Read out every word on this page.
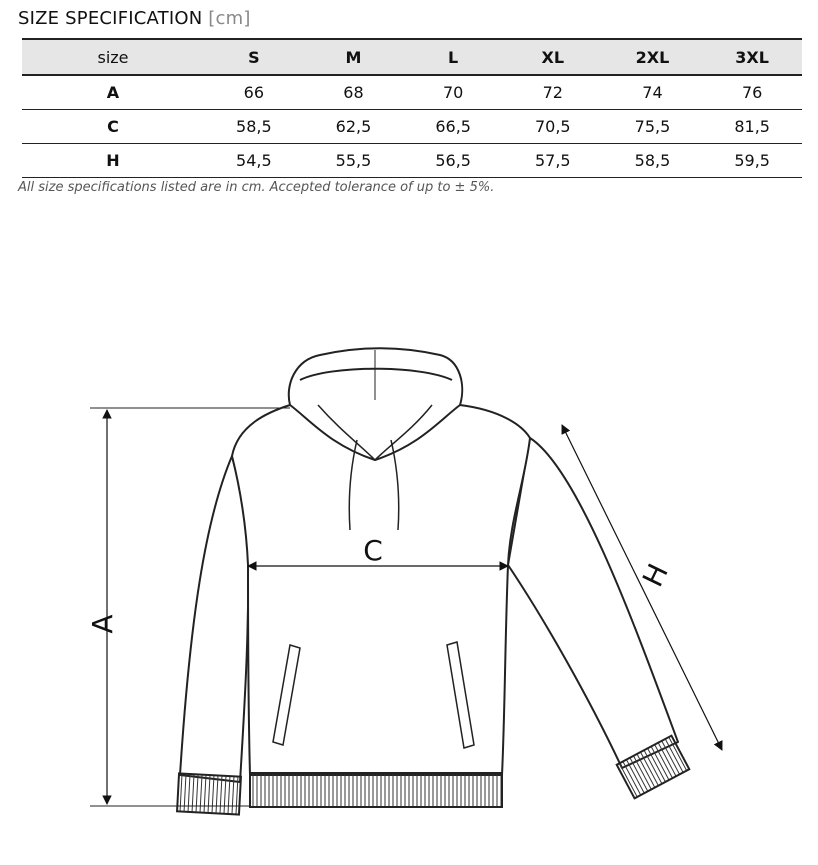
SIZE SPECIFICATION [cm]
size	S	M	L	XL	2XL	3XL
A	66	68	70	72	74	76
C	58,5	62,5	66,5	70,5	75,5	81,5
H	54,5	55,5	56,5	57,5	58,5	59,5
All size specifications listed are in cm. Accepted tolerance of up to ± 5%.
A
C
H
